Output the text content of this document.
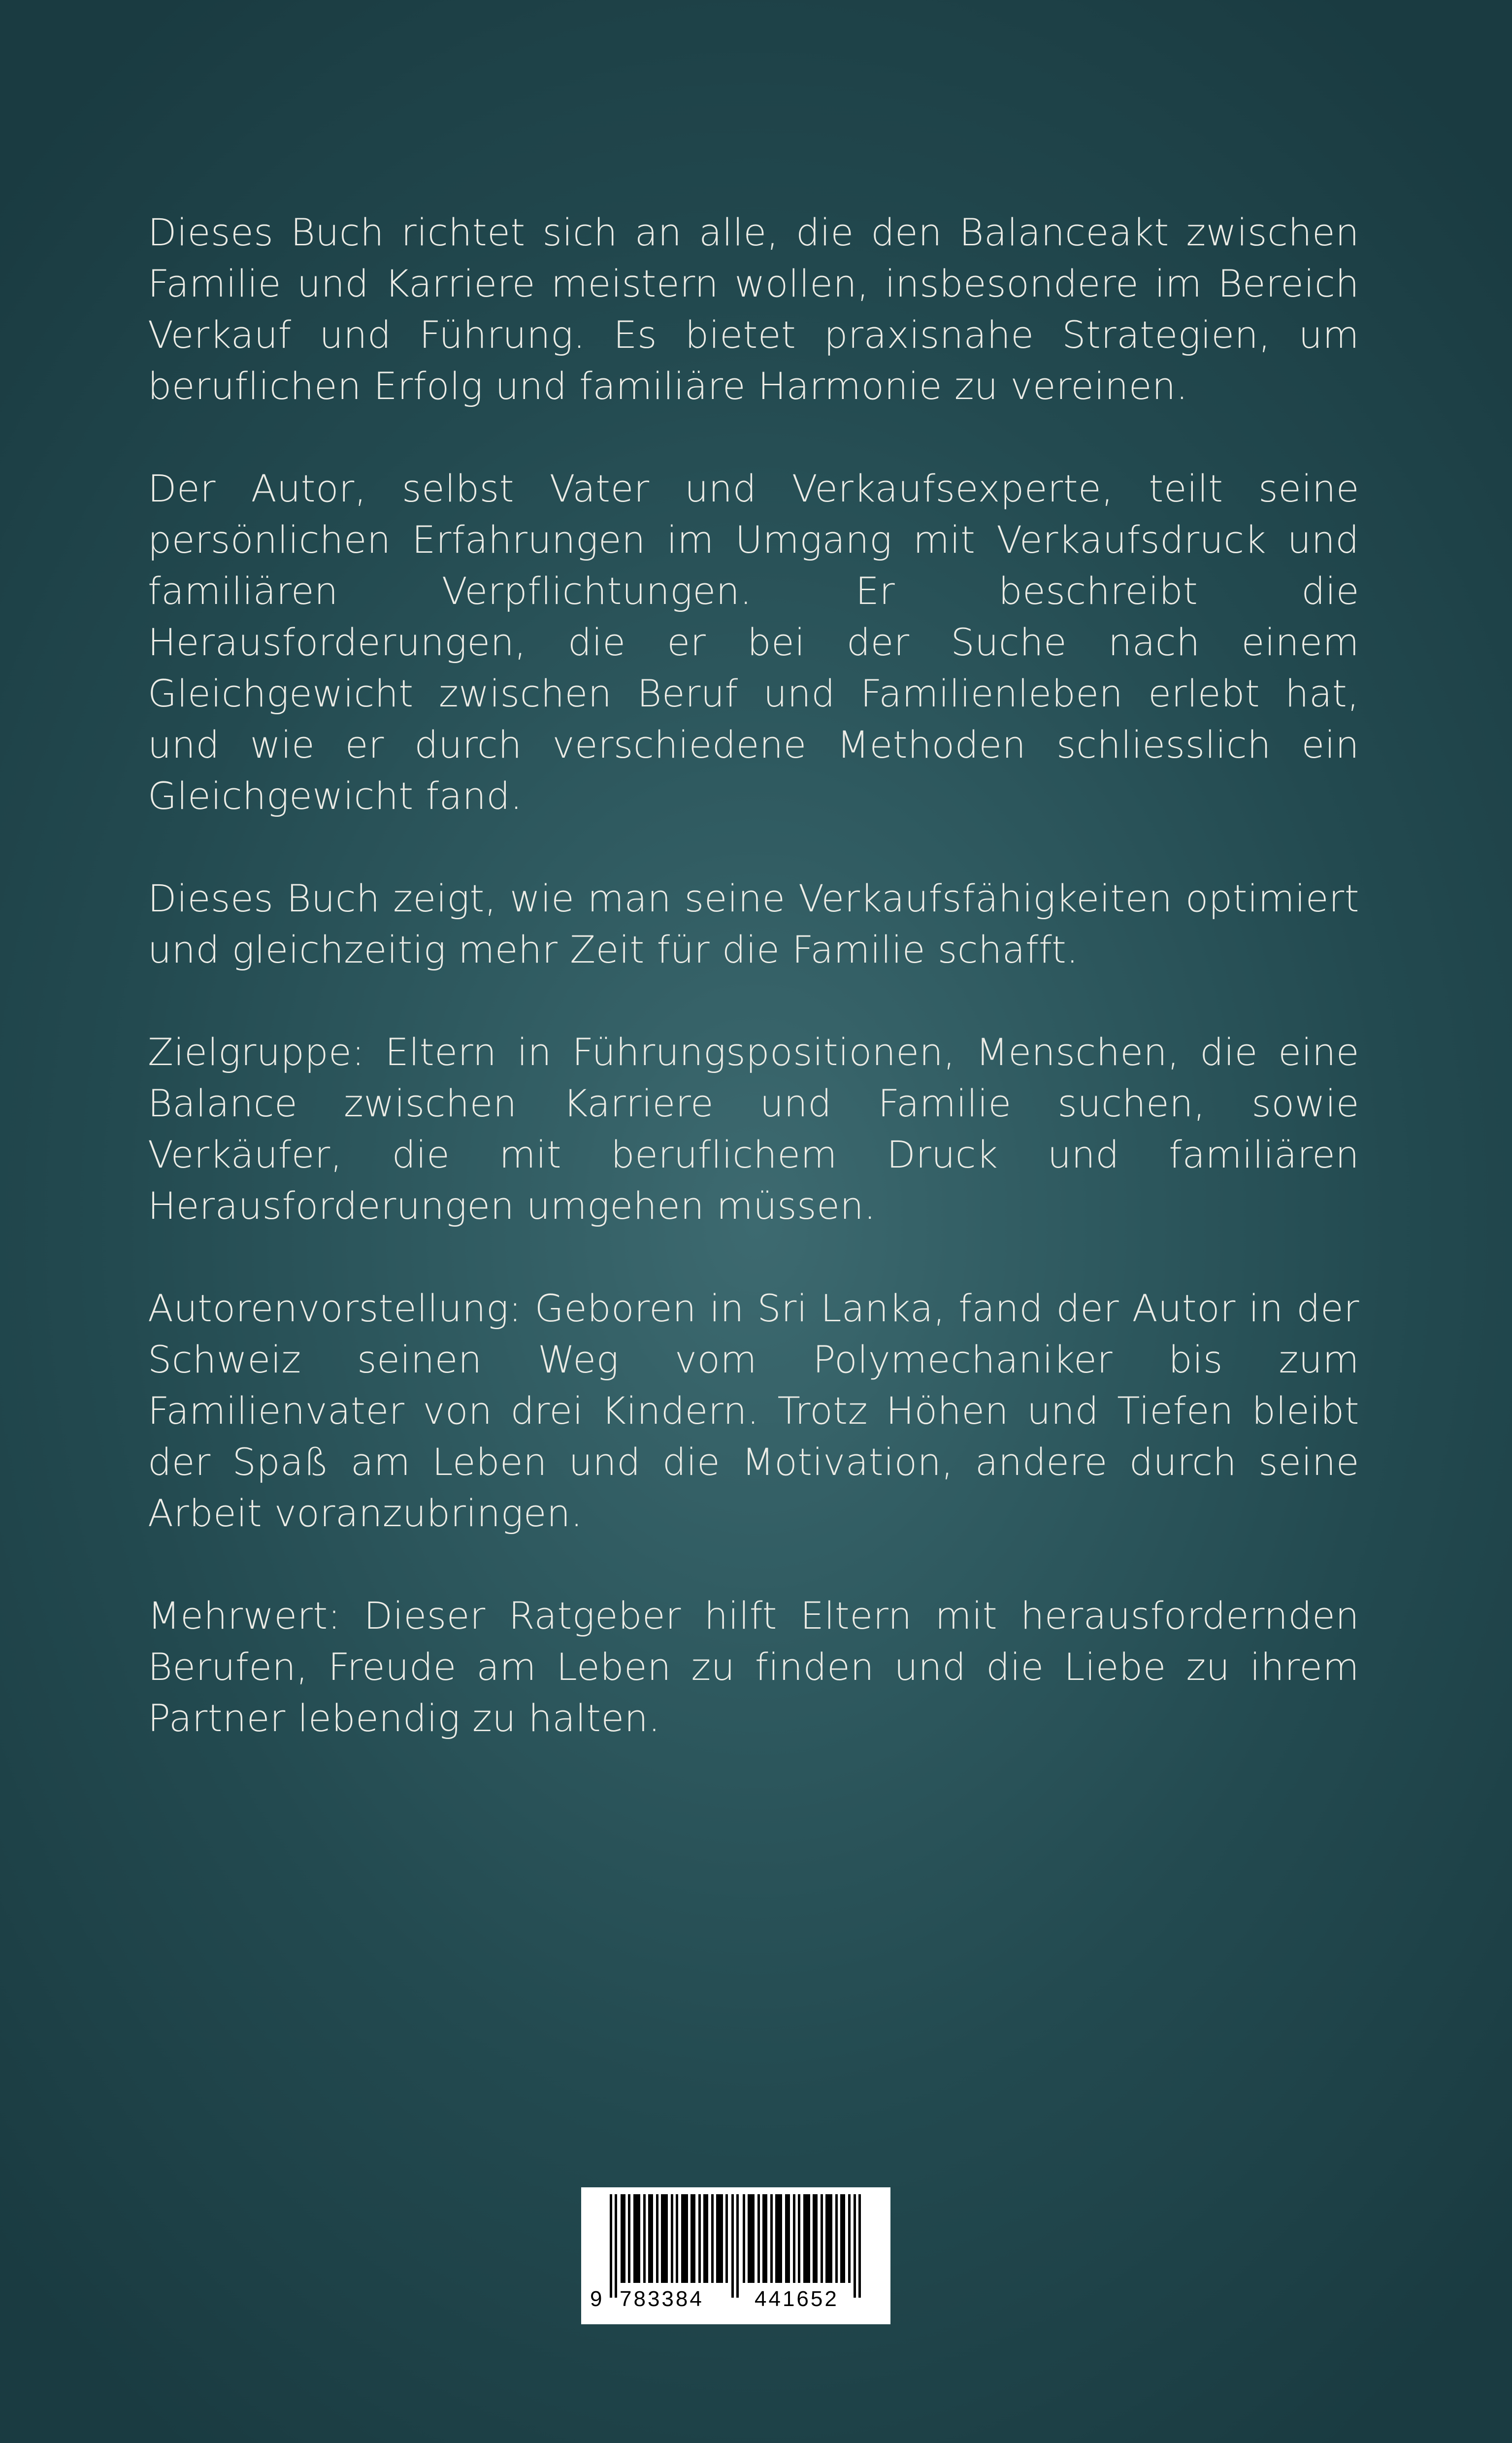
Dieses Buch richtet sich an alle, die den Balanceakt zwischen Familie und Karriere meistern wollen, insbesondere im Bereich Verkauf und Führung. Es bietet praxisnahe Strategien, um beruflichen Erfolg und familiäre Harmonie zu vereinen.

Der Autor, selbst Vater und Verkaufsexperte, teilt seine persönlichen Erfahrungen im Umgang mit Verkaufsdruck und familiären Verpflichtungen. Er beschreibt die Herausforderungen, die er bei der Suche nach einem Gleichgewicht zwischen Beruf und Familienleben erlebt hat, und wie er durch verschiedene Methoden schliesslich ein Gleichgewicht fand.

Dieses Buch zeigt, wie man seine Verkaufsfähigkeiten optimiert und gleichzeitig mehr Zeit für die Familie schafft.

Zielgruppe: Eltern in Führungspositionen, Menschen, die eine Balance zwischen Karriere und Familie suchen, sowie Verkäufer, die mit beruflichem Druck und familiären Herausforderungen umgehen müssen.

Autorenvorstellung: Geboren in Sri Lanka, fand der Autor in der Schweiz seinen Weg vom Polymechaniker bis zum Familienvater von drei Kindern. Trotz Höhen und Tiefen bleibt der Spaß am Leben und die Motivation, andere durch seine Arbeit voranzubringen.

Mehrwert: Dieser Ratgeber hilft Eltern mit herausfordernden Berufen, Freude am Leben zu finden und die Liebe zu ihrem Partner lebendig zu halten.

9 783384 441652
